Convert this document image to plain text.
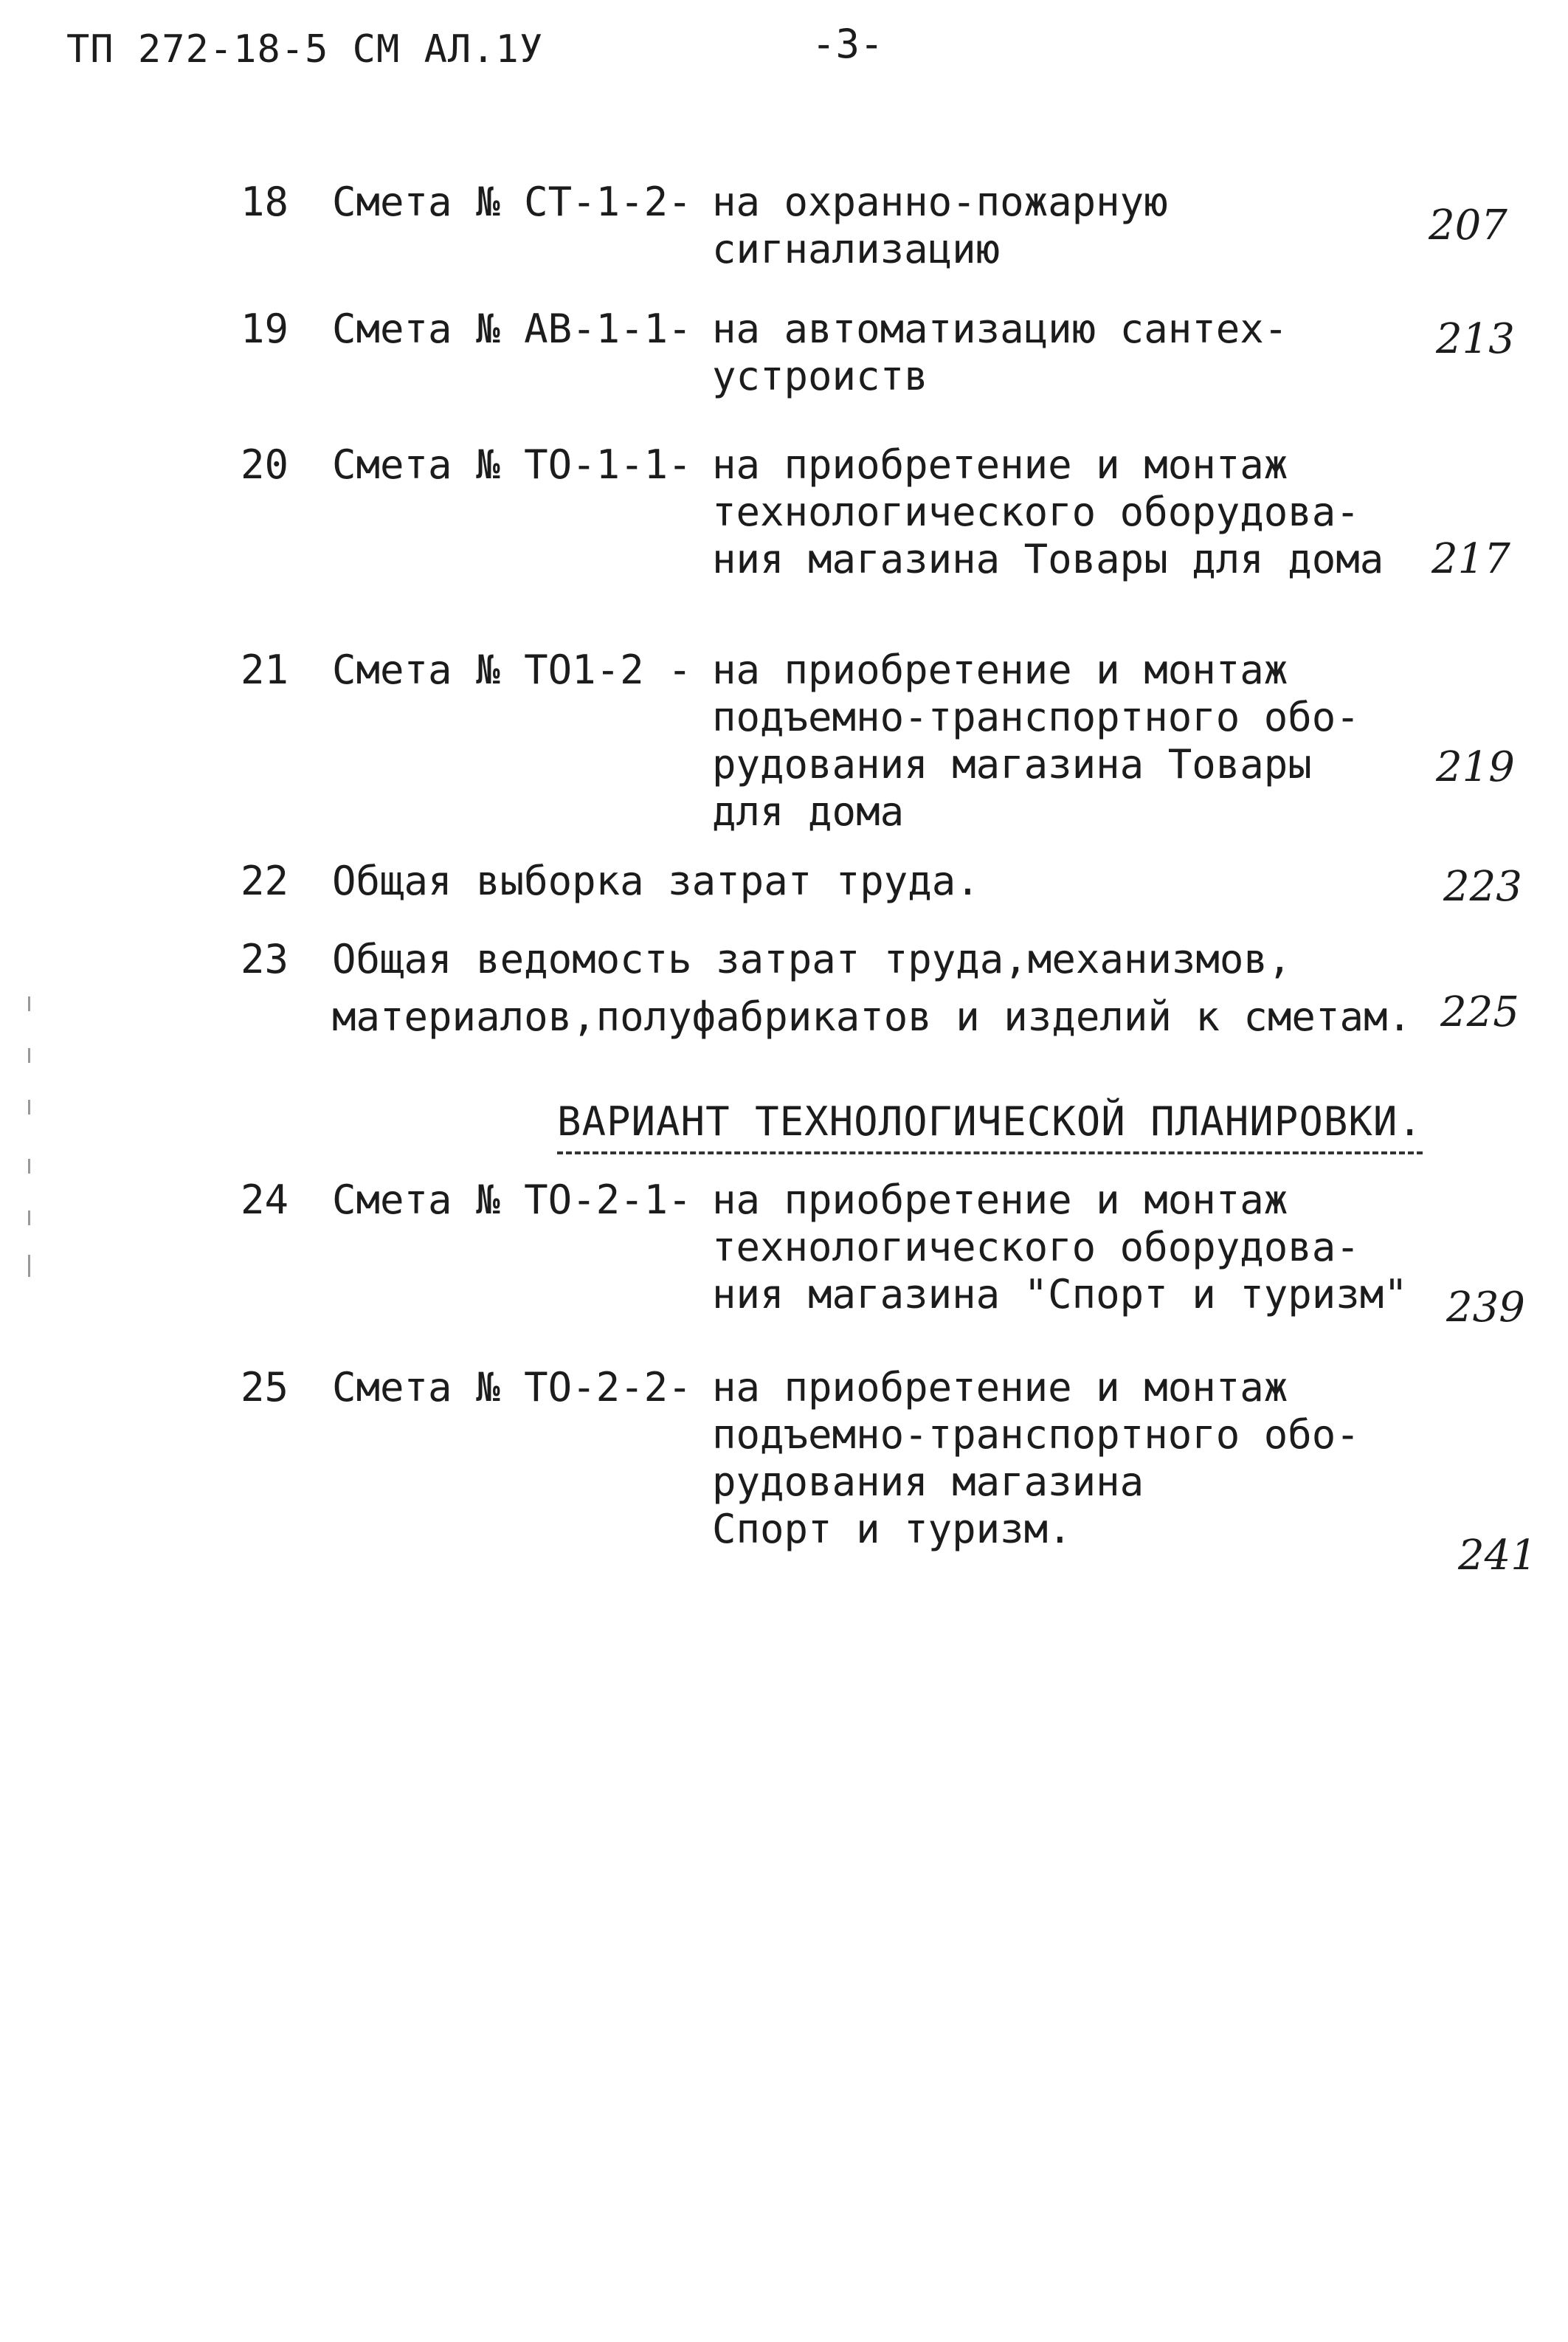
ТП 272-18-5 СМ АЛ.1У	-3-
18 Смета № СТ-1-2 - на охранно-пожарную
сигнализацию	207
19 Смета № АВ-1-1 - на автоматизацию сантех-
устроиств
213
20 Смета № ТО-1-1 - на приобретение и монтаж
технологического оборудова-
ния магазина Товары для дома 217
21 Смета № ТО1-2 - на приобретение и монтаж
подъемно-транспортного обо-
рудования магазина Товары
для дома
219
22 Общая выборка затрат труда.	223
23 Общая ведомость затрат труда,механизмов,
материалов,полуфабрикатов и изделий к сметам. 225
ВАРИАНТ ТЕХНОЛОГИЧЕСКОЙ ПЛАНИРОВКИ.
24 Смета № ТО-2-1 - на приобретение и монтаж
технологического оборудова-
ния магазина "Спорт и туризм" 239
25 Смета № ТО-2-2 - на приобретение и монтаж
подъемно-транспортного обо-
рудования магазина
Спорт и туризм.
241
